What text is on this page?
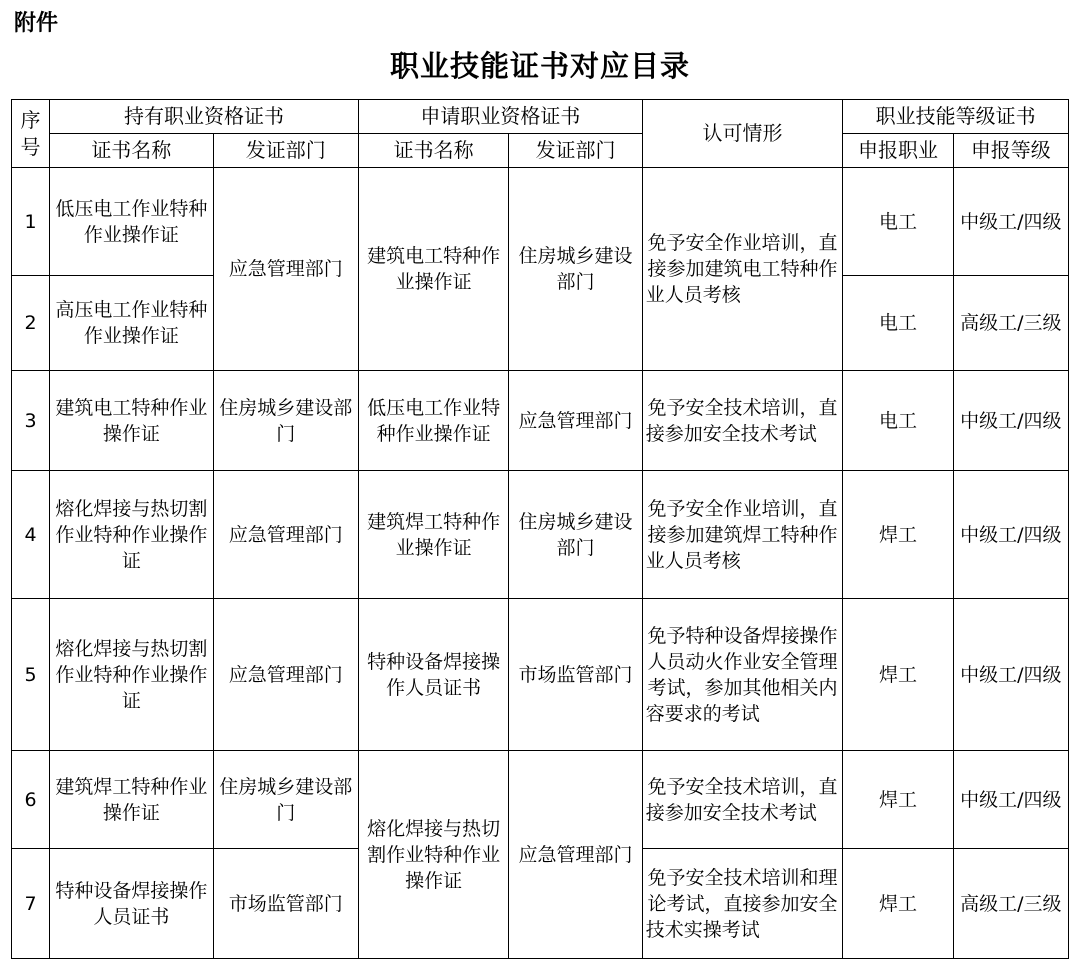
附件
职业技能证书对应目录
序
号	持有职业资格证书		申请职业资格证书		认可情形	职业技能等级证书	
	证书名称	发证部门	证书名称	发证部门		申报职业	申报等级
1	低压电工作业特种作业操作证	应急管理部门	建筑电工特种作业操作证	住房城乡建设部门	免予安全作业培训，直接参加建筑电工特种作业人员考核	电工	中级工/四级
2	高压电工作业特种作业操作证					电工	高级工/三级
3	建筑电工特种作业操作证	住房城乡建设部门	低压电工作业特种作业操作证	应急管理部门	免予安全技术培训，直接参加安全技术考试	电工	中级工/四级
4	熔化焊接与热切割作业特种作业操作证	应急管理部门	建筑焊工特种作业操作证	住房城乡建设部门	免予安全作业培训，直接参加建筑焊工特种作业人员考核	焊工	中级工/四级
5	熔化焊接与热切割作业特种作业操作证	应急管理部门	特种设备焊接操作人员证书	市场监管部门	免予特种设备焊接操作人员动火作业安全管理考试，参加其他相关内容要求的考试	焊工	中级工/四级
6	建筑焊工特种作业操作证	住房城乡建设部门	熔化焊接与热切割作业特种作业操作证	应急管理部门	免予安全技术培训，直接参加安全技术考试	焊工	中级工/四级
7	特种设备焊接操作人员证书	市场监管部门			免予安全技术培训和理论考试，直接参加安全技术实操考试	焊工	高级工/三级
